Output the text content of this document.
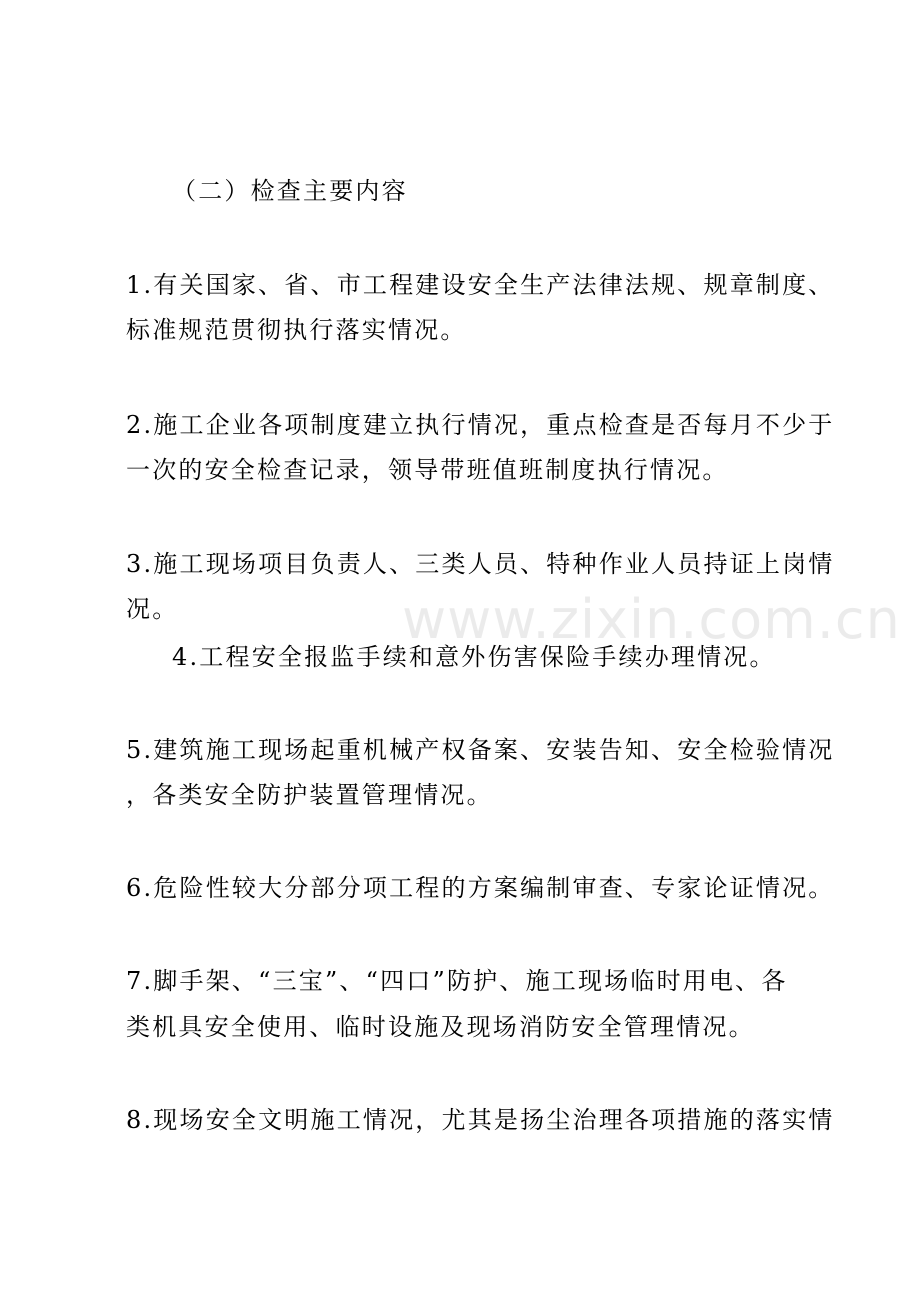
www.zixin.com.cn
（二）检查主要内容
1.有关国家、省、市工程建设安全生产法律法规、规章制度、
标准规范贯彻执行落实情况。
2.施工企业各项制度建立执行情况，重点检查是否每月不少于
一次的安全检查记录，领导带班值班制度执行情况。
3.施工现场项目负责人、三类人员、特种作业人员持证上岗情
况。
4.工程安全报监手续和意外伤害保险手续办理情况。
5.建筑施工现场起重机械产权备案、安装告知、安全检验情况
，各类安全防护装置管理情况。
6.危险性较大分部分项工程的方案编制审查、专家论证情况。
7.脚手架、“三宝”、“四口”防护、施工现场临时用电、各
类机具安全使用、临时设施及现场消防安全管理情况。
8.现场安全文明施工情况，尤其是扬尘治理各项措施的落实情
